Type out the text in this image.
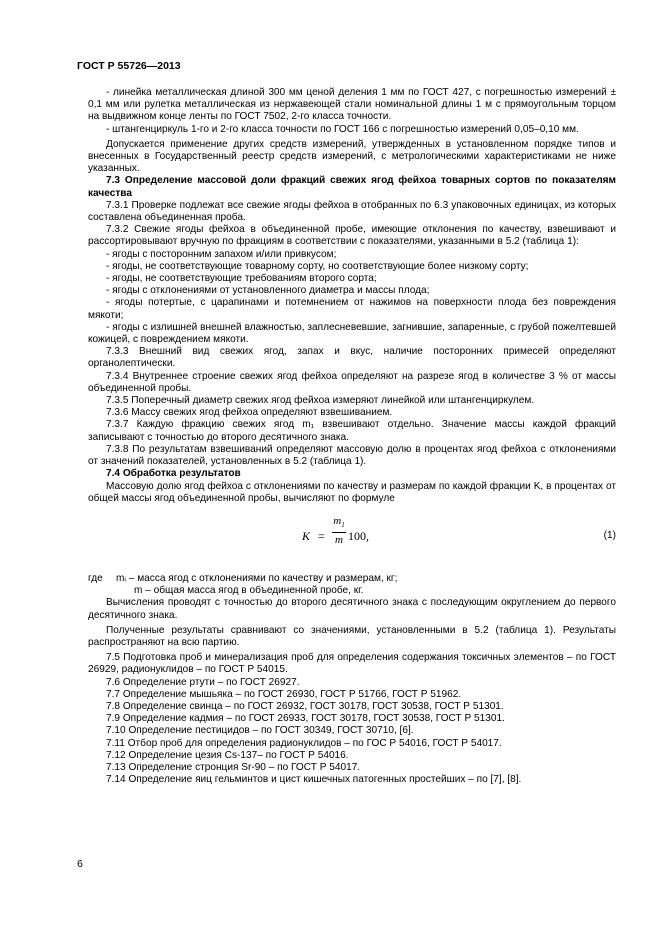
ГОСТ Р 55726—2013

- линейка металлическая длиной 300 мм ценой деления 1 мм по ГОСТ 427, с погрешностью измерений ± 0,1 мм или рулетка металлическая из нержавеющей стали номинальной длины 1 м с прямоугольным торцом на выдвижном конце ленты по ГОСТ 7502, 2-го класса точности.

- штангенциркуль 1-го и 2-го класса точности по ГОСТ 166 с погрешностью измерений 0,05–0,10 мм.

Допускается применение других средств измерений, утвержденных в установленном порядке типов и внесенных в Государственный реестр средств измерений, с метрологическими характеристиками не ниже указанных.

7.3 Определение массовой доли фракций свежих ягод фейхоа товарных сортов по показателям качества

7.3.1 Проверке подлежат все свежие ягоды фейхоа в отобранных по 6.3 упаковочных единицах, из которых составлена объединенная проба.

7.3.2 Свежие ягоды фейхоа в объединенной пробе, имеющие отклонения по качеству, взвешивают и рассортировывают вручную по фракциям в соответствии с показателями, указанными в 5.2 (таблица 1):

- ягоды с посторонним запахом и/или привкусом;

- ягоды, не соответствующие товарному сорту, но соответствующие более низкому сорту;

- ягоды, не соответствующие требованиям второго сорта;

- ягоды с отклонениями от установленного диаметра и массы плода;

- ягоды потертые, с царапинами и потемнением от нажимов на поверхности плода без повреждения мякоти;

- ягоды с излишней внешней влажностью, заплесневевшие, загнившие, запаренные, с грубой пожелтевшей кожицей, с повреждением мякоти.

7.3.3 Внешний вид свежих ягод, запах и вкус, наличие посторонних примесей определяют органолептически.

7.3.4 Внутреннее строение свежих ягод фейхоа определяют на разрезе ягод в количестве 3 % от массы объединенной пробы.

7.3.5 Поперечный диаметр свежих ягод фейхоа измеряют линейкой или штангенциркулем.

7.3.6 Массу свежих ягод фейхоа определяют взвешиванием.

7.3.7 Каждую фракцию свежих ягод m₁ взвешивают отдельно. Значение массы каждой фракций записывают с точностью до второго десятичного знака.

7.3.8 По результатам взвешиваний определяют массовую долю в процентах ягод фейхоа с отклонениями от значений показателей, установленных в 5.2 (таблица 1).

7.4 Обработка результатов

Массовую долю ягод фейхоа с отклонениями по качеству и размерам по каждой фракции K, в процентах от общей массы ягод объединенной пробы, вычисляют по формуле

K =
$m_1$
m 100,	(1)

где mᵢ – масса ягод с отклонениями по качеству и размерам, кг;

m – общая масса ягод в объединенной пробе, кг.

Вычисления проводят с точностью до второго десятичного знака с последующим округлением до первого десятичного знака.

Полученные результаты сравнивают со значениями, установленными в 5.2 (таблица 1). Результаты распространяют на всю партию.

7.5 Подготовка проб и минерализация проб для определения содержания токсичных элементов – по ГОСТ 26929, радионуклидов – по ГОСТ Р 54015.

7.6 Определение ртути – по ГОСТ 26927.

7.7 Определение мышьяка – по ГОСТ 26930, ГОСТ Р 51766, ГОСТ Р 51962.

7.8 Определение свинца – по ГОСТ 26932, ГОСТ 30178, ГОСТ 30538, ГОСТ Р 51301.

7.9 Определение кадмия – по ГОСТ 26933, ГОСТ 30178, ГОСТ 30538, ГОСТ Р 51301.

7.10 Определение пестицидов – по ГОСТ 30349, ГОСТ 30710, [6].

7.11 Отбор проб для определения радионуклидов – по ГОС Р 54016, ГОСТ Р 54017.

7.12 Определение цезия Cs-137– по ГОСТ Р 54016.

7.13 Определение стронция Sr-90 – по ГОСТ Р 54017.

7.14 Определение яиц гельминтов и цист кишечных патогенных простейших – по [7], [8].

6
